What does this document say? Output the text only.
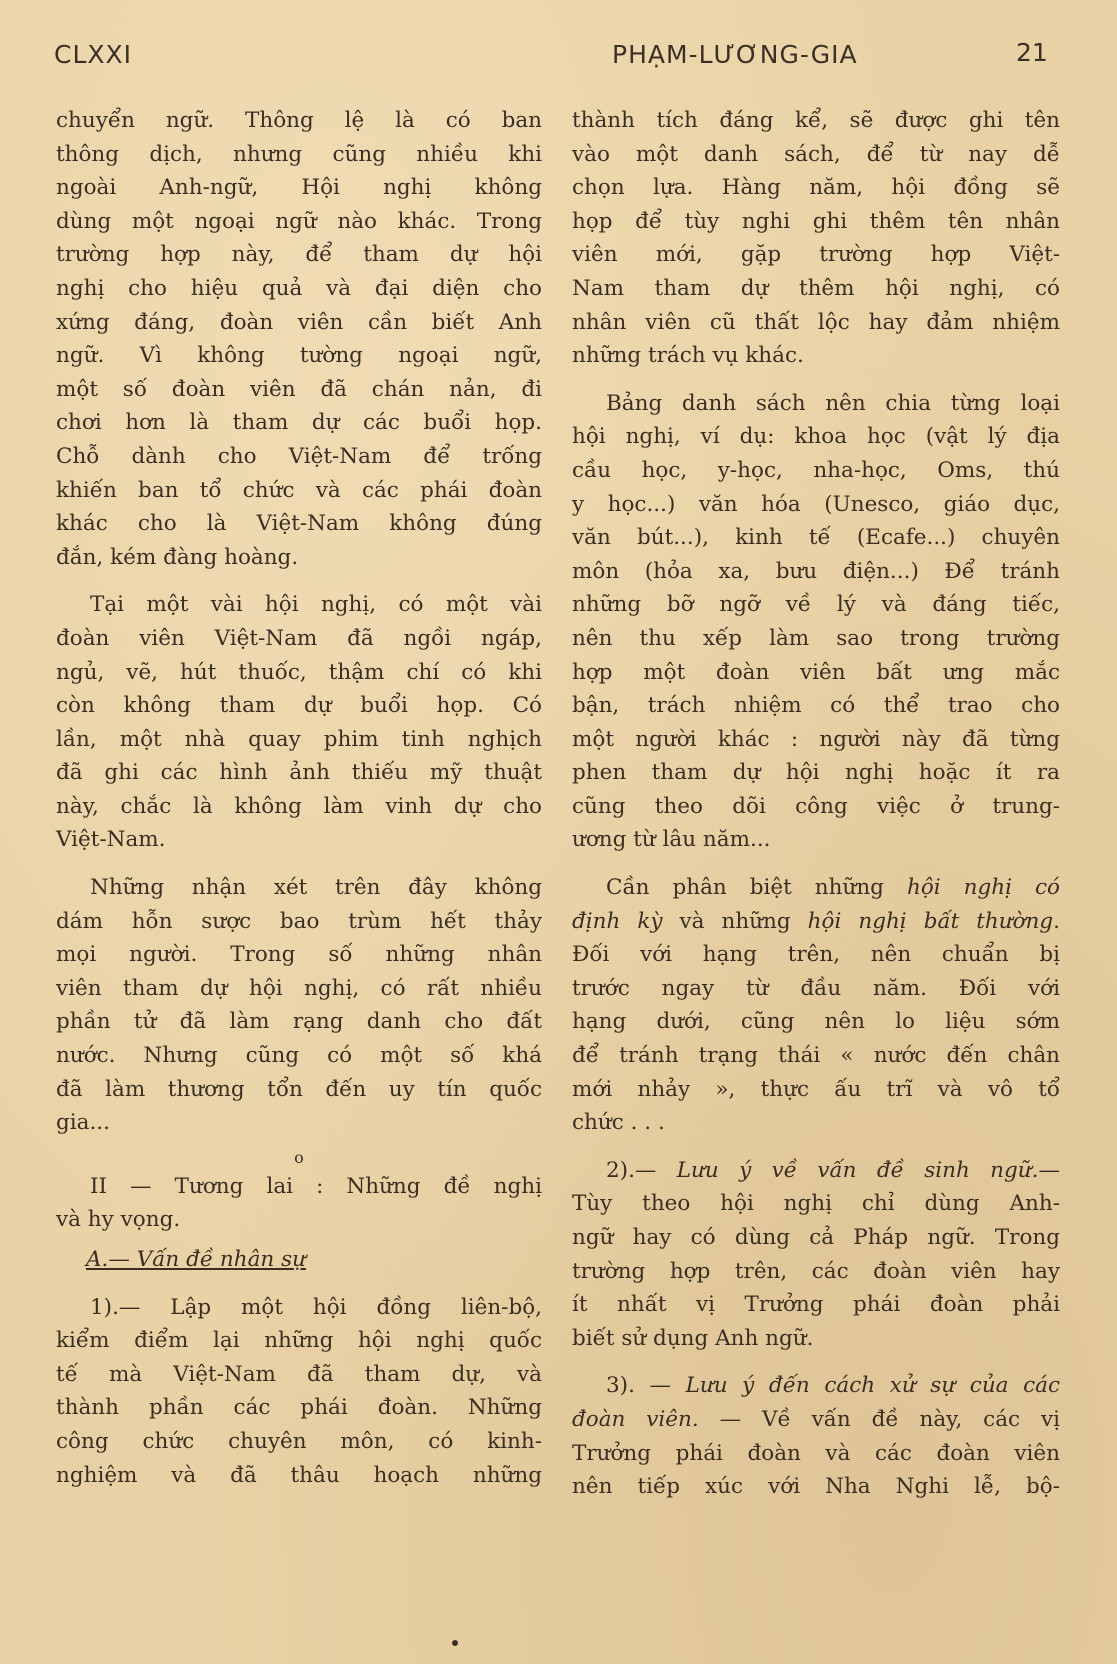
CLXXI	PHẠM-LƯƠNG-GIA	21
chuyển ngữ. Thông lệ là có ban
thông dịch, nhưng cũng nhiều khi
ngoài Anh-ngữ, Hội nghị không
dùng một ngoại ngữ nào khác. Trong
trường hợp này, để tham dự hội
nghị cho hiệu quả và đại diện cho
xứng đáng, đoàn viên cần biết Anh
ngữ. Vì không tường ngoại ngữ,
một số đoàn viên đã chán nản, đi
chơi hơn là tham dự các buổi họp.
Chỗ dành cho Việt-Nam để trống
khiến ban tổ chức và các phái đoàn
khác cho là Việt-Nam không đúng
đắn, kém đàng hoàng.
Tại một vài hội nghị, có một vài
đoàn viên Việt-Nam đã ngồi ngáp,
ngủ, vẽ, hút thuốc, thậm chí có khi
còn không tham dự buổi họp. Có
lần, một nhà quay phim tinh nghịch
đã ghi các hình ảnh thiếu mỹ thuật
này, chắc là không làm vinh dự cho
Việt-Nam.
Những nhận xét trên đây không
dám hỗn sược bao trùm hết thảy
mọi người. Trong số những nhân
viên tham dự hội nghị, có rất nhiều
phần tử đã làm rạng danh cho đất
nước. Nhưng cũng có một số khá
đã làm thương tổn đến uy tín quốc
gia...
o
II — Tương lai : Những đề nghị
và hy vọng.
A.— Vấn đề nhân sự
1).— Lập một hội đồng liên-bộ,
kiểm điểm lại những hội nghị quốc
tế mà Việt-Nam đã tham dự, và
thành phần các phái đoàn. Những
công chức chuyên môn, có kinh-
nghiệm và đã thâu hoạch những
thành tích đáng kể, sẽ được ghi tên
vào một danh sách, để từ nay dễ
chọn lựa. Hàng năm, hội đồng sẽ
họp để tùy nghi ghi thêm tên nhân
viên mới, gặp trường hợp Việt-
Nam tham dự thêm hội nghị, có
nhân viên cũ thất lộc hay đảm nhiệm
những trách vụ khác.
Bảng danh sách nên chia từng loại
hội nghị, ví dụ: khoa học (vật lý địa
cầu học, y-học, nha-học, Oms, thú
y học...) văn hóa (Unesco, giáo dục,
văn bút...), kinh tế (Ecafe...) chuyên
môn (hỏa xa, bưu điện...) Để tránh
những bỡ ngỡ về lý và đáng tiếc,
nên thu xếp làm sao trong trường
hợp một đoàn viên bất ưng mắc
bận, trách nhiệm có thể trao cho
một người khác : người này đã từng
phen tham dự hội nghị hoặc ít ra
cũng theo dõi công việc ở trung-
ương từ lâu năm...
Cần phân biệt những hội nghị có
định kỳ và những hội nghị bất thường.
Đối với hạng trên, nên chuẩn bị
trước ngay từ đầu năm. Đối với
hạng dưới, cũng nên lo liệu sớm
để tránh trạng thái « nước đến chân
mới nhảy », thực ấu trĩ và vô tổ
chức . . .
2).— Lưu ý về vấn đề sinh ngữ.—
Tùy theo hội nghị chỉ dùng Anh-
ngữ hay có dùng cả Pháp ngữ. Trong
trường hợp trên, các đoàn viên hay
ít nhất vị Trưởng phái đoàn phải
biết sử dụng Anh ngữ.
3). — Lưu ý đến cách xử sự của các
đoàn viên. — Về vấn đề này, các vị
Trưởng phái đoàn và các đoàn viên
nên tiếp xúc với Nha Nghi lễ, bộ-
